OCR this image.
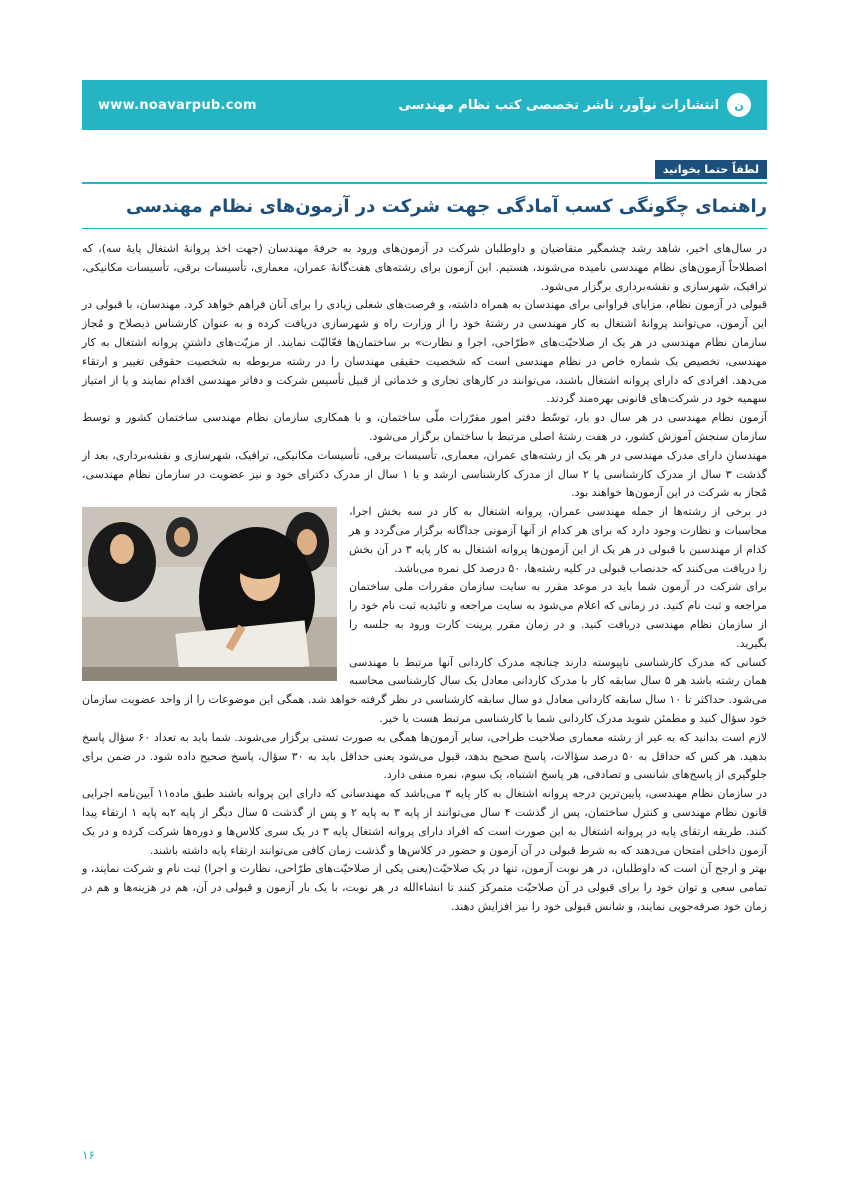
www.noavarpub.com	ن
انتشارات نوآور، ناشر تخصصی کتب نظام مهندسی
لطفاً حتما بخوانید
راهنمای چگونگی کسب آمادگی جهت شرکت در آزمون‌های نظام مهندسی

در سال‌های اخیر، شاهد رشد چشمگیر متقاضیان و داوطلبان شرکت در آزمون‌های ورود به حرفهٔ مهندسان (جهت اخذ پروانهٔ اشتغال پایهٔ سه)، که اصطلاحاً آزمون‌های نظام مهندسی نامیده می‌شوند، هستیم. این آزمون برای رشته‌های هفت‌گانهٔ عمران، معماری، تأسیسات برقی، تأسیسات مکانیکی، ترافیک، شهرسازی و نقشه‌برداری برگزار می‌شود.

قبولی در آزمون نظام، مزایای فراوانی برای مهندسان به همراه داشته، و فرصت‌های شغلی زیادی را برای آنان فراهم خواهد کرد. مهندسان، با قبولی در این آزمون، می‌توانند پروانهٔ اشتغال به کار مهندسی در رشتهٔ خود را از وزارت راه و شهرسازی دریافت کرده و به عنوان کارشناس ذیصلاح و مُجاز سازمان نظام مهندسی در هر یک از صلاحیّت‌های «طرّاحی، اجرا و نظارت» بر ساختمان‌ها فعّالیّت نمایند. از مزیّت‌های داشتنِ پروانه اشتغال به کار مهندسی، تخصیص یک شماره خاص در نظام مهندسی است که شخصیت حقیقی مهندسان را در رشته مربوطه به شخصیت حقوقی تغییر و ارتقاء می‌دهد. افرادی که دارای پروانه اشتغال باشند، می‌توانند در کارهای تجاری و خدماتی از قبیل تأسیس شرکت و دفاتر مهندسی اقدام نمایند و یا از امتیاز سهمیه خود در شرکت‌های قانونی بهره‌مند گردند.

آزمون نظام مهندسی در هر سال دو بار، توسّط دفتر امور مقرّرات ملّی ساختمان، و با همکاری سازمان نظام مهندسی ساختمان کشور و توسط سازمان سنجش آموزش کشور، در هفت رشتهٔ اصلی مرتبط با ساختمان برگزار می‌شود.

مهندسانِ دارای مدرک مهندسی در هر یک از رشته‌های عمران، معماری، تأسیسات برقی، تأسیسات مکانیکی، ترافیک، شهرسازی و نقشه‌برداری، بعد از گذشت ۳ سال از مدرک کارشناسی یا ۲ سال از مدرک کارشناسی ارشد و یا ۱ سال از مدرک دکترای خود و نیز عضویت در سازمان نظام مهندسی، مُجاز به شرکت در این آزمون‌ها خواهند بود.

در برخی از رشته‌ها از جمله مهندسی عمران، پروانه اشتغال به کار در سه بخش اجرا، محاسبات و نظارت وجود دارد که برای هر کدام از آنها آزمونی جداگانه برگزار می‌گردد و هر کدام از مهندسین با قبولی در هر یک از این آزمون‌ها پروانه اشتغال به کار پایه ۳ در آن بخش را دریافت می‌کنند که حدنصاب قبولی در کلیه رشته‌ها، ۵۰ درصد کل نمره می‌باشد.

برای شرکت در آزمون شما باید در موعد مقرر به سایت سازمان مقررات ملی ساختمان مراجعه و ثبت نام کنید. در زمانی که اعلام می‌شود به سایت مراجعه و تائیدیه ثبت نام خود را از سازمان نظام مهندسی دریافت کنید. و در زمان مقرر پرینت کارت ورود به جلسه را بگیرید.

کسانی که مدرک کارشناسی ناپیوسته دارند چنانچه مدرک کاردانی آنها مرتبط با مهندسی همان رشته باشد هر ۵ سال سابقه کار با مدرک کاردانی معادل یک سال کارشناسی محاسبه می‌شود. حداکثر تا ۱۰ سال سابقه کاردانی معادل دو سال سابقه کارشناسی در نظر گرفته خواهد شد. همگی این موضوعات را از واحد عضویت سازمان خود سؤال کنید و مطمئن شوید مدرک کاردانی شما با کارشناسی مرتبط هست یا خیر.

لازم است بدانید که به غیر از رشته معماری صلاحیت طراحی، سایر آزمون‌ها همگی به صورت تستی برگزار می‌شوند. شما باید به تعداد ۶۰ سؤال پاسخ بدهید. هر کس که حداقل به ۵۰ درصد سؤالات، پاسخ صحیح بدهد، قبول می‌شود یعنی حداقل باید به ۳۰ سؤال، پاسخ صحیح داده شود. در ضمن برای جلوگیری از پاسخ‌های شانسی و تصادفی، هر پاسخ اشتباه، یک سوم، نمره منفی دارد.

در سازمان نظام مهندسی، پایین‌ترین درجه پروانه اشتغال به کار پایه ۳ می‌باشد که مهندسانی که دارای این پروانه باشند طبق ماده۱۱ آیین‌نامه اجرایی قانون نظام مهندسی و کنترل ساختمان، پس از گذشت ۴ سال می‌توانند از پایه ۳ به پایه ۲ و پس از گذشت ۵ سال دیگر از پایه ۲به پایه ۱ ارتقاء پیدا کنند. طریقه ارتقای پایه در پروانه اشتغال به این صورت است که افراد دارای پروانه اشتغال پایه ۳ در یک سری کلاس‌ها و دوره‌ها شرکت کرده و در یک آزمون داخلی امتحان می‌دهند که به شرط قبولی در آن آزمون و حضور در کلاس‌ها و گذشت زمان کافی می‌توانند ارتقاء پایه داشته باشند.

بهتر و ارجح آن است که داوطلبان، در هر نوبت آزمون، تنها در یک صلاحیّت(یعنی یکی از صلاحیّت‌های طرّاحی، نظارت و اجرا) ثبت نام و شرکت نمایند، و تمامی سعی و توان خود را برای قبولی در آن صلاحیّت متمرکز کنند تا انشاءالله در هر نوبت، با یک بار آزمون و قبولی در آن، هم در هزینه‌ها و هم در زمان خود صرفه‌جویی نمایند، و شانس قبولی خود را نیز افزایش دهند.

۱۶
